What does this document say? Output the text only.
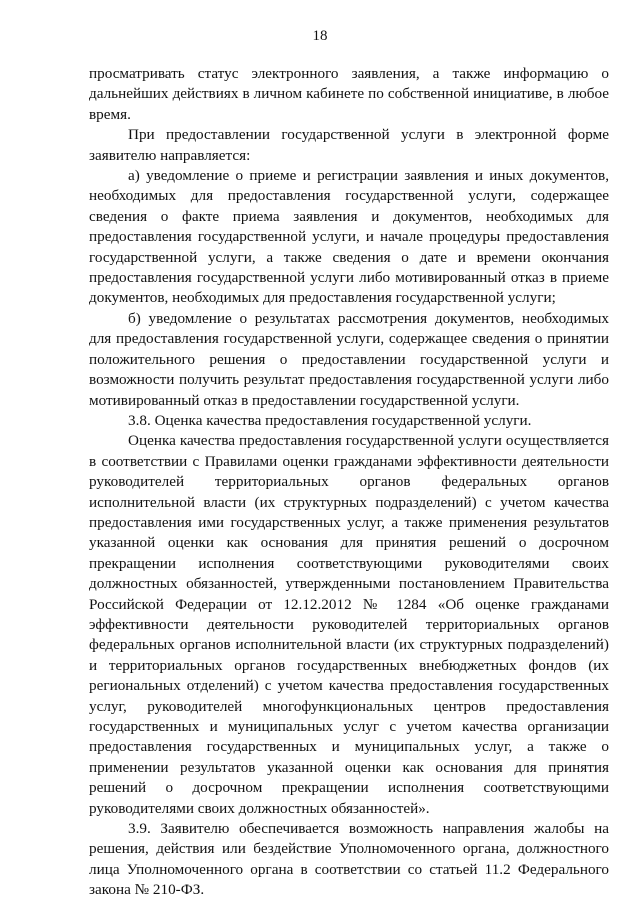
18

просматривать статус электронного заявления, а также информацию о дальнейших действиях в личном кабинете по собственной инициативе, в любое время.

При предоставлении государственной услуги в электронной форме заявителю направляется:

а) уведомление о приеме и регистрации заявления и иных документов, необходимых для предоставления государственной услуги, содержащее сведения о факте приема заявления и документов, необходимых для предоставления государственной услуги, и начале процедуры предоставления государственной услуги, а также сведения о дате и времени окончания предоставления государственной услуги либо мотивированный отказ в приеме документов, необходимых для предоставления государственной услуги;

б) уведомление о результатах рассмотрения документов, необходимых для предоставления государственной услуги, содержащее сведения о принятии положительного решения о предоставлении государственной услуги и возможности получить результат предоставления государственной услуги либо мотивированный отказ в предоставлении государственной услуги.

3.8. Оценка качества предоставления государственной услуги.

Оценка качества предоставления государственной услуги осуществляется в соответствии с Правилами оценки гражданами эффективности деятельности руководителей территориальных органов федеральных органов исполнительной власти (их структурных подразделений) с учетом качества предоставления ими государственных услуг, а также применения результатов указанной оценки как основания для принятия решений о досрочном прекращении исполнения соответствующими руководителями своих должностных обязанностей, утвержденными постановлением Правительства Российской Федерации от 12.12.2012 № 1284 «Об оценке гражданами эффективности деятельности руководителей территориальных органов федеральных органов исполнительной власти (их структурных подразделений) и территориальных органов государственных внебюджетных фондов (их региональных отделений) с учетом качества предоставления государственных услуг, руководителей многофункциональных центров предоставления государственных и муниципальных услуг с учетом качества организации предоставления государственных и муниципальных услуг, а также о применении результатов указанной оценки как основания для принятия решений о досрочном прекращении исполнения соответствующими руководителями своих должностных обязанностей».

3.9. Заявителю обеспечивается возможность направления жалобы на решения, действия или бездействие Уполномоченного органа, должностного лица Уполномоченного органа в соответствии со статьей 11.2 Федерального закона № 210-ФЗ.
